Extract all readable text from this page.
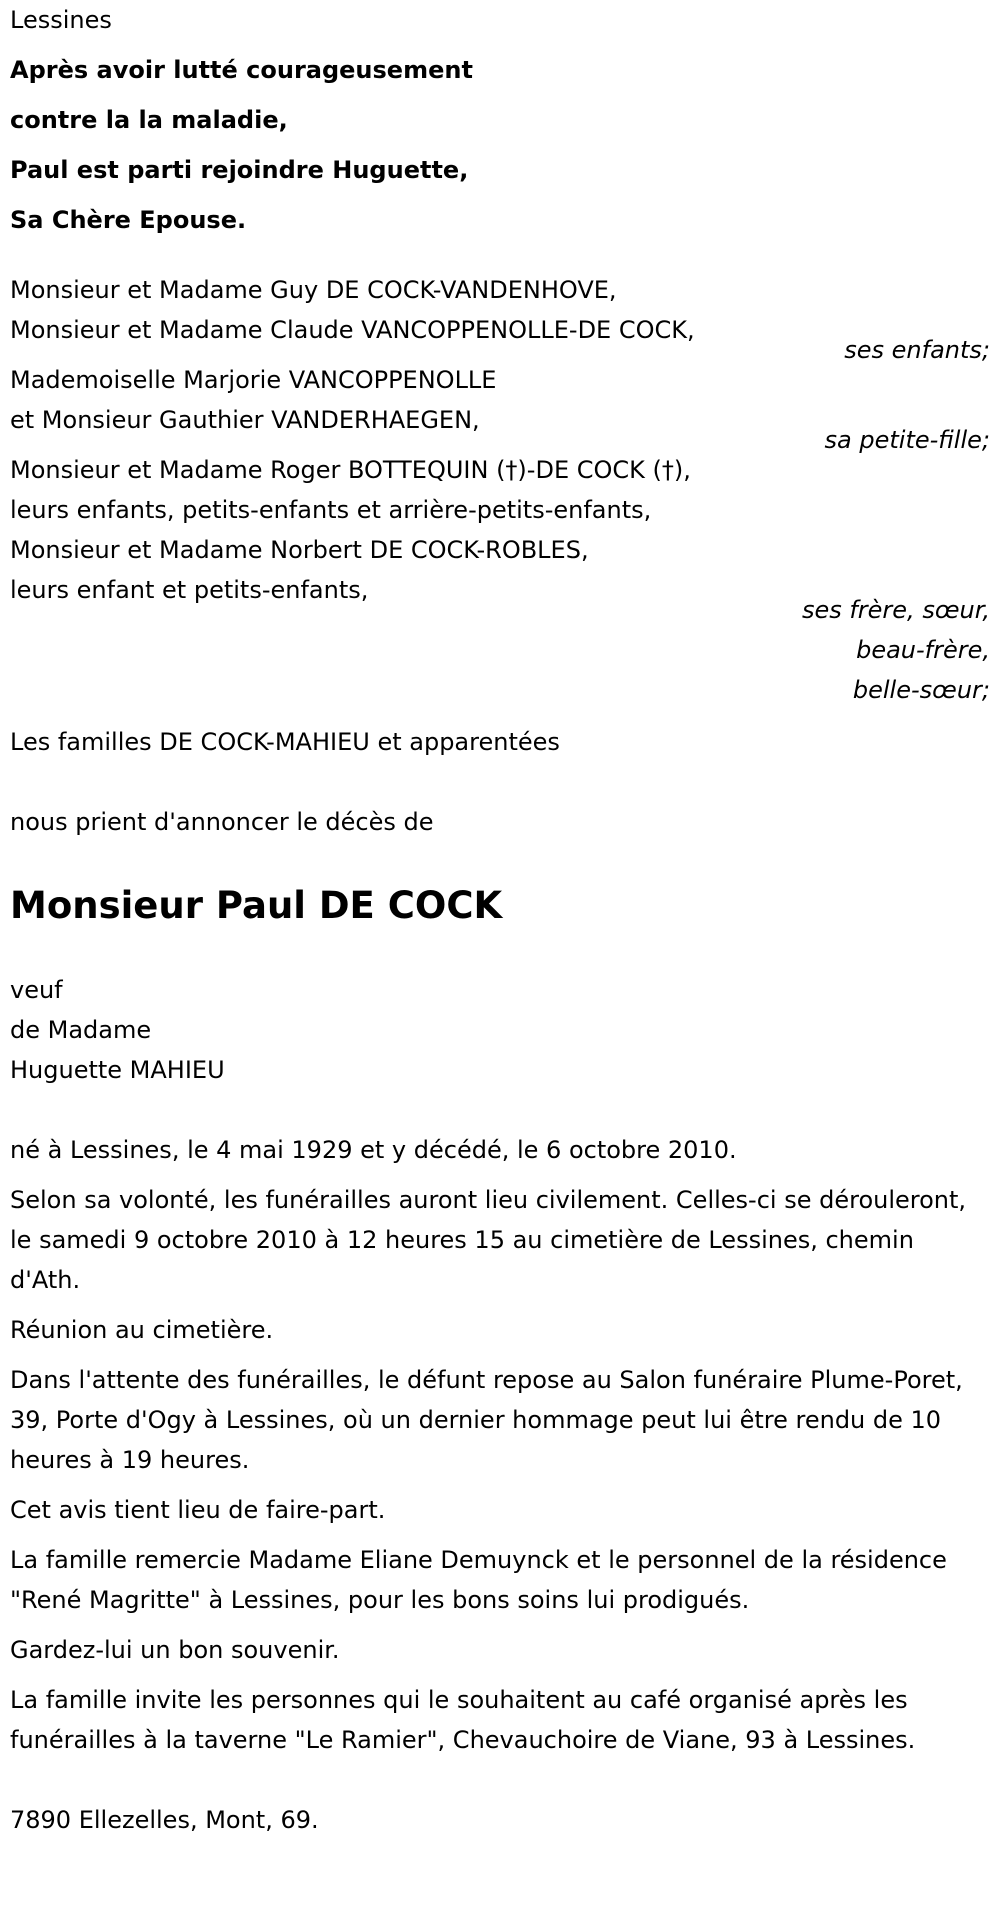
Lessines
Après avoir lutté courageusement
contre la la maladie,
Paul est parti rejoindre Huguette,
Sa Chère Epouse.
Monsieur et Madame Guy DE COCK-VANDENHOVE,
Monsieur et Madame Claude VANCOPPENOLLE-DE COCK,
ses enfants;
Mademoiselle Marjorie VANCOPPENOLLE
et Monsieur Gauthier VANDERHAEGEN,
sa petite-fille;
Monsieur et Madame Roger BOTTEQUIN (†)-DE COCK (†),
leurs enfants, petits-enfants et arrière-petits-enfants,
Monsieur et Madame Norbert DE COCK-ROBLES,
leurs enfant et petits-enfants,
ses frère, sœur,
beau-frère,
belle-sœur;
Les familles DE COCK-MAHIEU et apparentées
nous prient d'annoncer le décès de
Monsieur Paul DE COCK
veuf
de Madame
Huguette MAHIEU
né à Lessines, le 4 mai 1929 et y décédé, le 6 octobre 2010.
Selon sa volonté, les funérailles auront lieu civilement. Celles-ci se dérouleront, le samedi 9 octobre 2010 à 12 heures 15 au cimetière de Lessines, chemin d'Ath.
Réunion au cimetière.
Dans l'attente des funérailles, le défunt repose au Salon funéraire Plume-Poret, 39, Porte d'Ogy à Lessines, où un dernier hommage peut lui être rendu de 10 heures à 19 heures.
Cet avis tient lieu de faire-part.
La famille remercie Madame Eliane Demuynck et le personnel de la résidence "René Magritte" à Lessines, pour les bons soins lui prodigués.
Gardez-lui un bon souvenir.
La famille invite les personnes qui le souhaitent au café organisé après les funérailles à la taverne "Le Ramier", Chevauchoire de Viane, 93 à Lessines.
7890 Ellezelles, Mont, 69.
